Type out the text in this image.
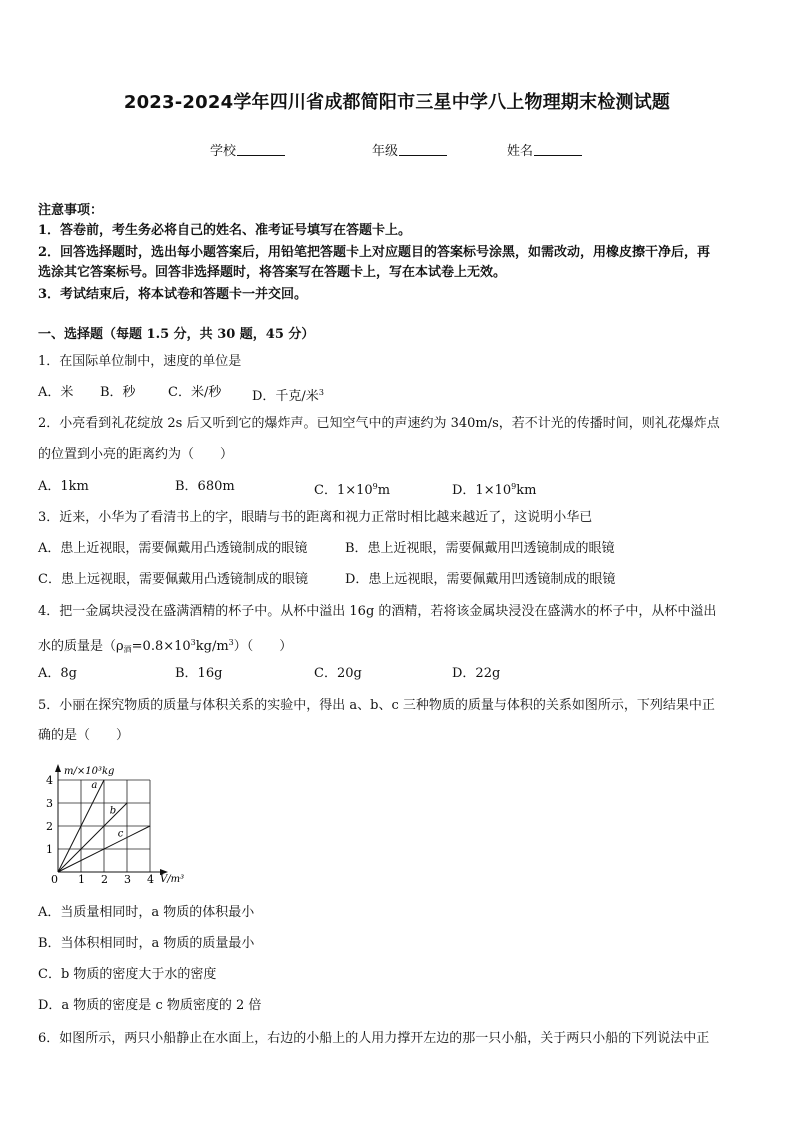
2023-2024学年四川省成都简阳市三星中学八上物理期末检测试题
学校	年级	姓名
注意事项：
1．答卷前，考生务必将自己的姓名、准考证号填写在答题卡上。
2．回答选择题时，选出每小题答案后，用铅笔把答题卡上对应题目的答案标号涂黑，如需改动，用橡皮擦干净后，再
选涂其它答案标号。回答非选择题时，将答案写在答题卡上，写在本试卷上无效。
3．考试结束后，将本试卷和答题卡一并交回。
一、选择题（每题 1.5 分，共 30 题，45 分）
1．在国际单位制中，速度的单位是
A．米 B．秒 C．米/秒 D．千克/米$^3$
2．小亮看到礼花绽放 2s 后又听到它的爆炸声。已知空气中的声速约为 340m/s，若不计光的传播时间，则礼花爆炸点
的位置到小亮的距离约为（　　）
A．1km	B．680m	C．$1\times 10^9m$	D．$1\times 10^9km$
3．近来，小华为了看清书上的字，眼睛与书的距离和视力正常时相比越来越近了，这说明小华已
A．患上近视眼，需要佩戴用凸透镜制成的眼镜	B．患上近视眼，需要佩戴用凹透镜制成的眼镜
C．患上远视眼，需要佩戴用凸透镜制成的眼镜	D．患上远视眼，需要佩戴用凹透镜制成的眼镜
4．把一金属块浸没在盛满酒精的杯子中。从杯中溢出 16g 的酒精，若将该金属块浸没在盛满水的杯子中，从杯中溢出
水的质量是$(\rho_酒=0.8\times 10^3kg/m^3)$（　　）
A．8g	B．16g	C．20g	D．22g
5．小丽在探究物质的质量与体积关系的实验中，得出 a、b、c 三种物质的质量与体积的关系如图所示，下列结果中正
确的是（　　）
a
b
c
0 1 2 3 4
1
2
3
4
m/×10³kg
V/m³
A．当质量相同时，a 物质的体积最小
B．当体积相同时，a 物质的质量最小
C．b 物质的密度大于水的密度
D．a 物质的密度是 c 物质密度的 2 倍
6．如图所示，两只小船静止在水面上，右边的小船上的人用力撑开左边的那一只小船，关于两只小船的下列说法中正
